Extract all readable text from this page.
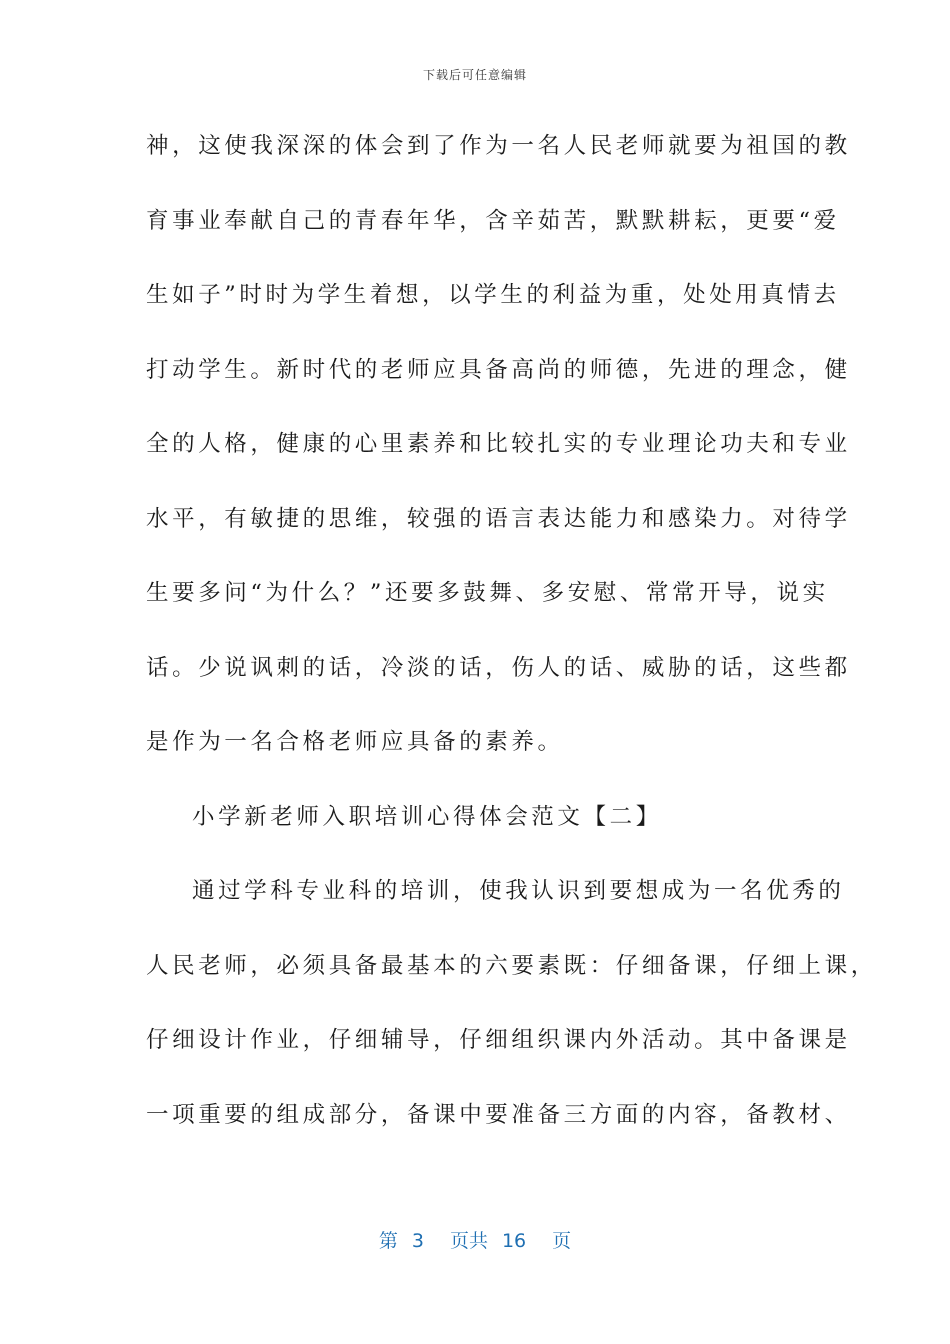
下载后可任意编辑
神，这使我深深的体会到了作为一名人民老师就要为祖国的教
育事业奉献自己的青春年华，含辛茹苦，默默耕耘，更要“爱
生如子”时时为学生着想，以学生的利益为重，处处用真情去
打动学生。新时代的老师应具备高尚的师德，先进的理念，健
全的人格，健康的心里素养和比较扎实的专业理论功夫和专业
水平，有敏捷的思维，较强的语言表达能力和感染力。对待学
生要多问“为什么？”还要多鼓舞、多安慰、常常开导，说实
话。少说讽刺的话，冷淡的话，伤人的话、威胁的话，这些都
是作为一名合格老师应具备的素养。
小学新老师入职培训心得体会范文【二】
通过学科专业科的培训，使我认识到要想成为一名优秀的
人民老师，必须具备最基本的六要素既：仔细备课，仔细上课，
仔细设计作业，仔细辅导，仔细组织课内外活动。其中备课是
一项重要的组成部分，备课中要准备三方面的内容，备教材、
第 3 页共 16 页
